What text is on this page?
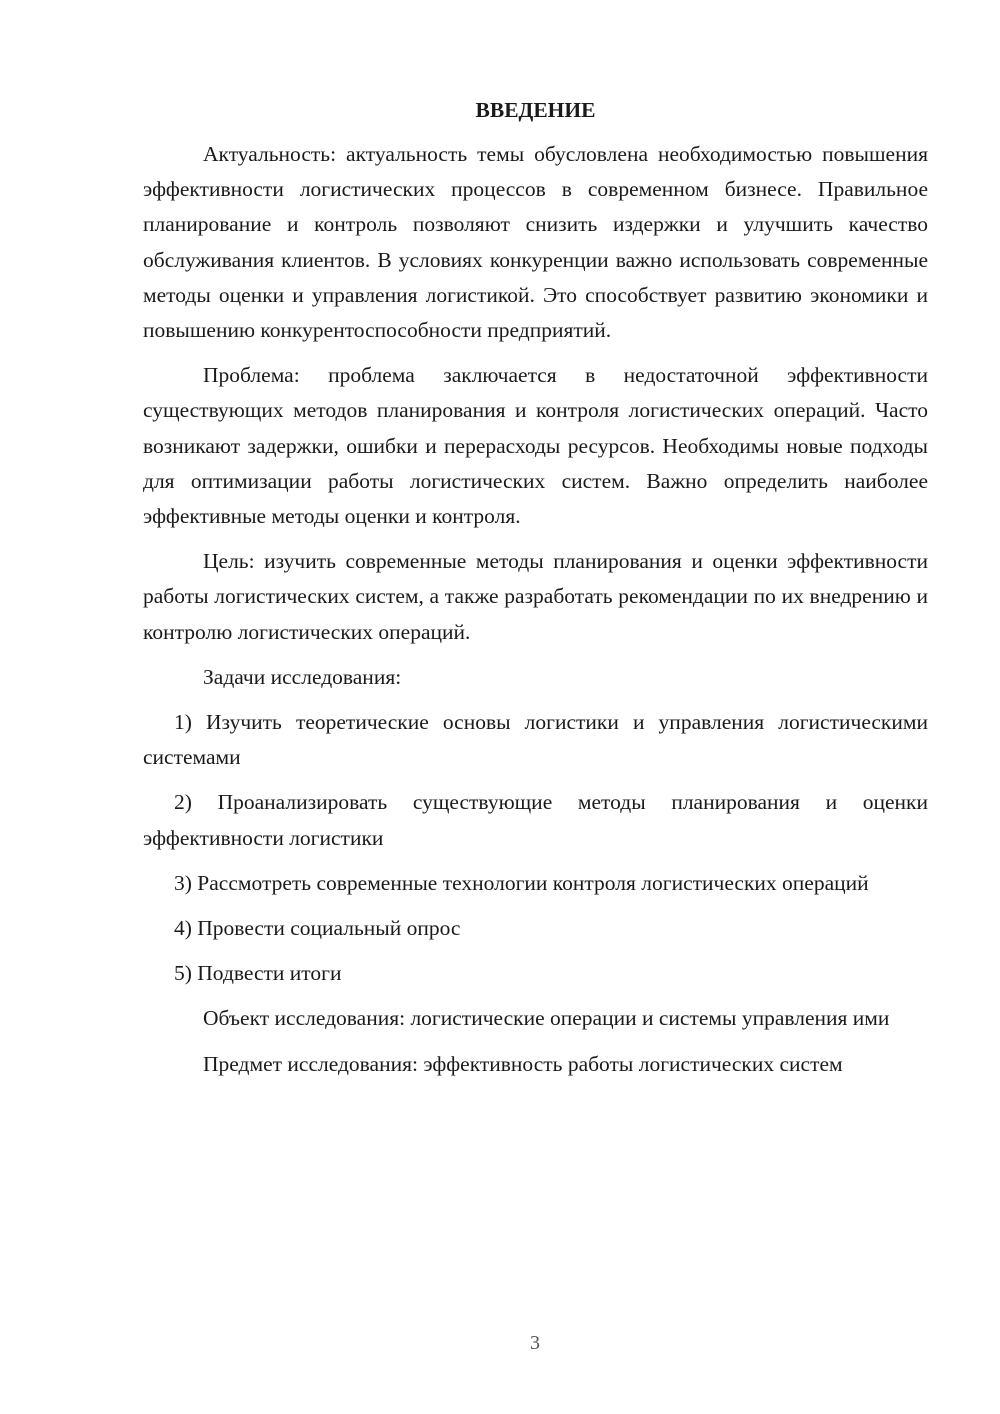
ВВЕДЕНИЕ

Актуальность: актуальность темы обусловлена необходимостью повышения эффективности логистических процессов в современном бизнесе. Правильное планирование и контроль позволяют снизить издержки и улучшить качество обслуживания клиентов. В условиях конкуренции важно использовать современные методы оценки и управления логистикой. Это способствует развитию экономики и повышению конкурентоспособности предприятий.

Проблема: проблема заключается в недостаточной эффективности существующих методов планирования и контроля логистических операций. Часто возникают задержки, ошибки и перерасходы ресурсов. Необходимы новые подходы для оптимизации работы логистических систем. Важно определить наиболее эффективные методы оценки и контроля.

Цель: изучить современные методы планирования и оценки эффективности работы логистических систем, а также разработать рекомендации по их внедрению и контролю логистических операций.

Задачи исследования:

1) Изучить теоретические основы логистики и управления логистическими системами

2) Проанализировать существующие методы планирования и оценки эффективности логистики

3) Рассмотреть современные технологии контроля логистических операций

4) Провести социальный опрос

5) Подвести итоги

Объект исследования: логистические операции и системы управления ими

Предмет исследования: эффективность работы логистических систем

3
